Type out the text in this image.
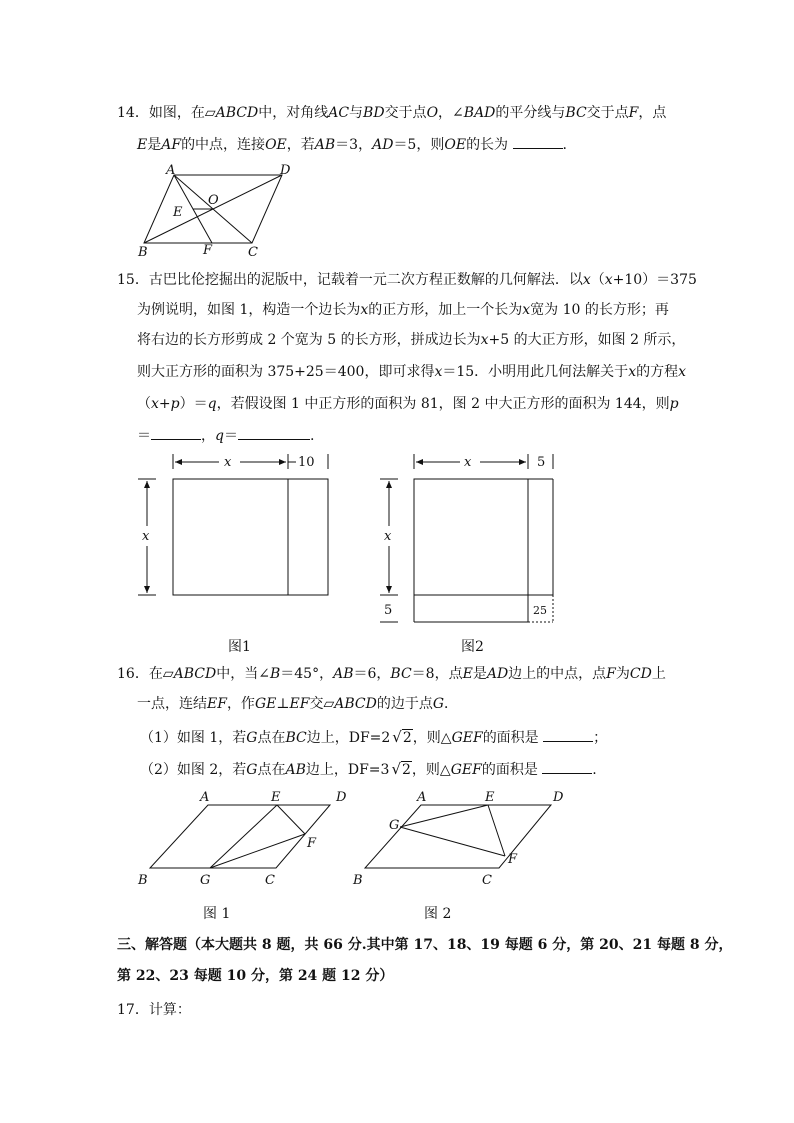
14．如图，在▱ABCD中，对角线AC与BD交于点O，∠BAD的平分线与BC交于点F，点
E是AF的中点，连接OE，若AB＝3，AD＝5，则OE的长为	.
A	D
O
E
B	F	C
15．古巴比伦挖掘出的泥版中，记载着一元二次方程正数解的几何解法．以x（x+10）＝375
为例说明，如图 1，构造一个边长为x的正方形，加上一个长为x宽为 10 的长方形；再
将右边的长方形剪成 2 个宽为 5 的长方形，拼成边长为x+5 的大正方形，如图 2 所示，
则大正方形的面积为 375+25＝400，即可求得x＝15．小明用此几何法解关于x的方程x
（x+p）＝q，若假设图 1 中正方形的面积为 81，图 2 中大正方形的面积为 144，则p
＝	，q＝	.
x	10
x
图1
x	5
x
5	25
图2
16．在▱ABCD中，当∠B＝45°，AB＝6，BC＝8，点E是AD边上的中点，点F为CD上
一点，连结EF，作GE⊥EF交▱ABCD的边于点G．
（1）如图 1，若G点在BC边上，DF=2 √2，则△GEF的面积是	；
（2）如图 2，若G点在AB边上，DF=3 √2，则△GEF的面积是	.
A	E	D
F
B	G	C
图 1
A	E	D
G
F
B	C
图 2
三、解答题（本大题共 8 题，共 66 分.其中第 17、18、19 每题 6 分，第 20、21 每题 8 分，
第 22、23 每题 10 分，第 24 题 12 分）
17．计算：
